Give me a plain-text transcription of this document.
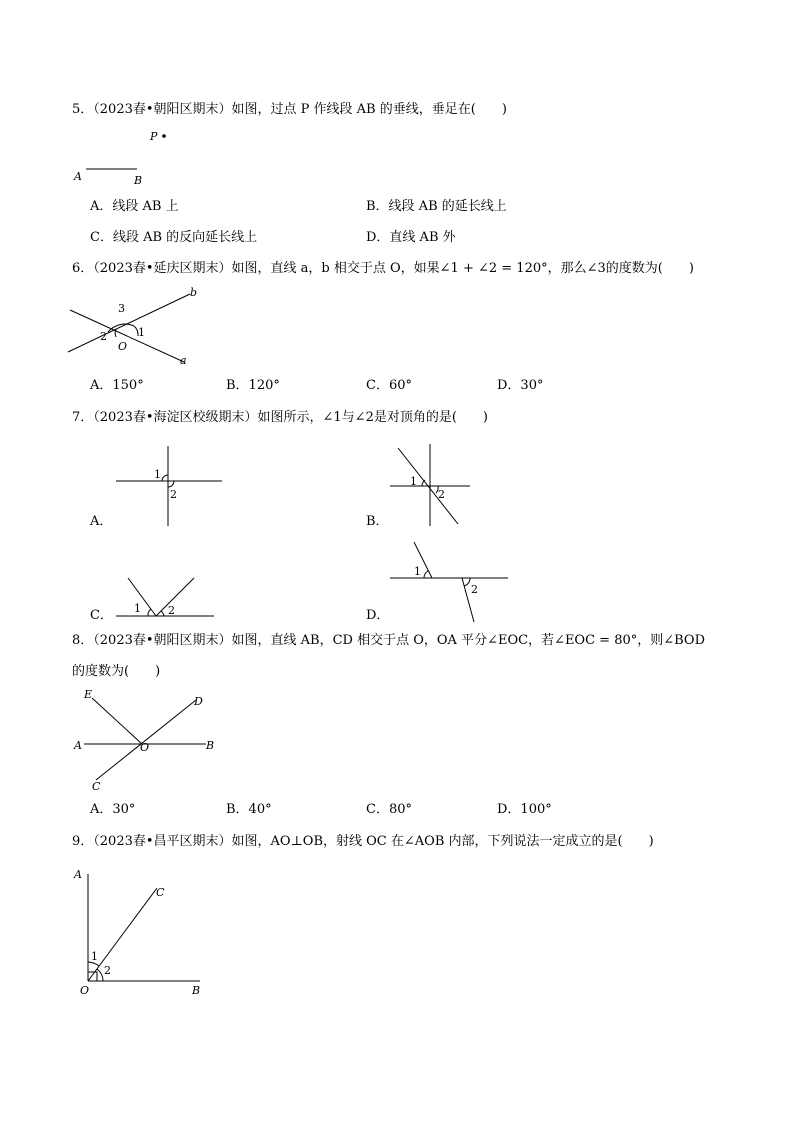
5．（2023春•朝阳区期末）如图，过点 P 作线段 AB 的垂线，垂足在(　　)
P
A	B
A．线段 AB 上	B．线段 AB 的延长线上
C．线段 AB 的反向延长线上	D．直线 AB 外
6．（2023春•延庆区期末）如图，直线 a，b 相交于点 O，如果∠1 + ∠2 = 120°，那么∠3的度数为(　　)
b
a
O
1
2
3
A．150°	B．120°	C．60°	D．30°
7．（2023春•海淀区校级期末）如图所示，∠1与∠2是对顶角的是(　　)
1
2
A．
1
2
B．
1 2
C．
1
2
D．
8．（2023春•朝阳区期末）如图，直线 AB，CD 相交于点 O，OA 平分∠EOC，若∠EOC = 80°，则∠BOD
的度数为(　　)
A	B
C
D
E
O
A．30°	B．40°	C．80°	D．100°
9．（2023春•昌平区期末）如图，AO⊥OB，射线 OC 在∠AOB 内部，下列说法一定成立的是(　　)
A
C
B
O
1
2
